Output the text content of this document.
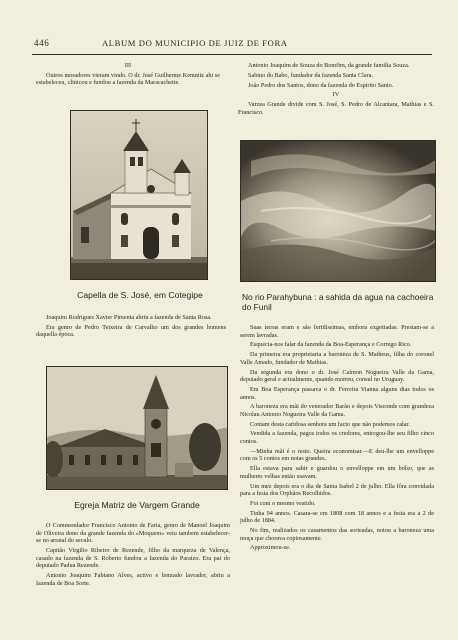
446	ALBUM DO MUNICIPIO DE JUIZ DE FORA
III

Outros moradores vieram vindo. O dr. José Guilherme Kemnitz ahi se estabeleceu, clinicou e fundou a fazenda da Maracachette.

Antonio Joaquim de Souza do Bomfim, da grande familia Souza.

Sabino do Babo, fundador da fazenda Santa Clara.

João Pedro dos Santos, dono da fazenda do Espirito Santo.

IV

Varzea Grande divide com S. José, S. Pedro de Alcantara, Mathias e S. Francisco.

Capella de S. José, em Cotegipe	No rio Parahybuna : a sahida da agua na cachoeira do Funil

Joaquim Rodrigues Xavier Pimenta abriu a fazenda de Santa Rosa.

Era genro de Pedro Teixeira de Carvalho um dos grandes homens daquella época.

Egreja Matriz de Vargem Grande

O Commendador Francisco Antonio de Faria, genro de Manoel Joaquim de Oliveira dono da grande fazenda do «Moquem» veiu tambem estabelecer-se no arraial do seculo.

Capitão Virgilio Ribeiro de Rezende, filho da marqueza de Valença, casado na fazenda de S. Roberto fundou a fazenda do Paraizo. Era pai do deputado Padua Rezende.

Antonio Joaquim Fabiano Alves, activo e honrado lavrador, abriu a fazenda de Boa Sorte.

Suas terras eram e são fertilissimas, embora exgottadas. Prestam-se a serem lavradas.

Esquecia-nos falar da fazenda da Boa-Esperança e Corrego Rico.

Da primeira era proprietaria a baroneza de S. Matheus, filha do coronel Valle Amado, fundador de Mathias.

Da segunda era dono o dr. José Calmon Nogueira Valle da Gama, deputado geral e actualmente, quando morreu, consul no Uruguay.

Em Boa Esperança passava o dr. Ferreira Vianna alguns dias todos os annos.

A baroneza era mãi do venerador Barão e depois Visconde com grandeza Nicolau Antonio Nogueira Valle da Gama.

Contam desta caridosa senhora um facto que não podemos calar.

Vendida a fazenda, pagos todos os credores, entregou-lhe seu filho cinco contos.

—Minha mãi é o resto. Queira economisar.—E deu-lhe um envelloppe com os 5 contos em notas grandes.

Ella estava para sahir e guardou o envelloppe em um bolso, que as mulheres velhas então usavam.

Um mez depois era o dia de Santa Isabel 2 de julho. Ella fôra convidada para a festa dos Orphãos Recolhidos.

Foi com o mesmo vestido.

Tinha 94 annos. Casara-se em 1808 com 18 annos e a festa era a 2 de julho de 1884.

No fim, realizados os casamentos das sorteadas, notou a baroneza uma moça que chorava copiosamente.

Approximou-se.
